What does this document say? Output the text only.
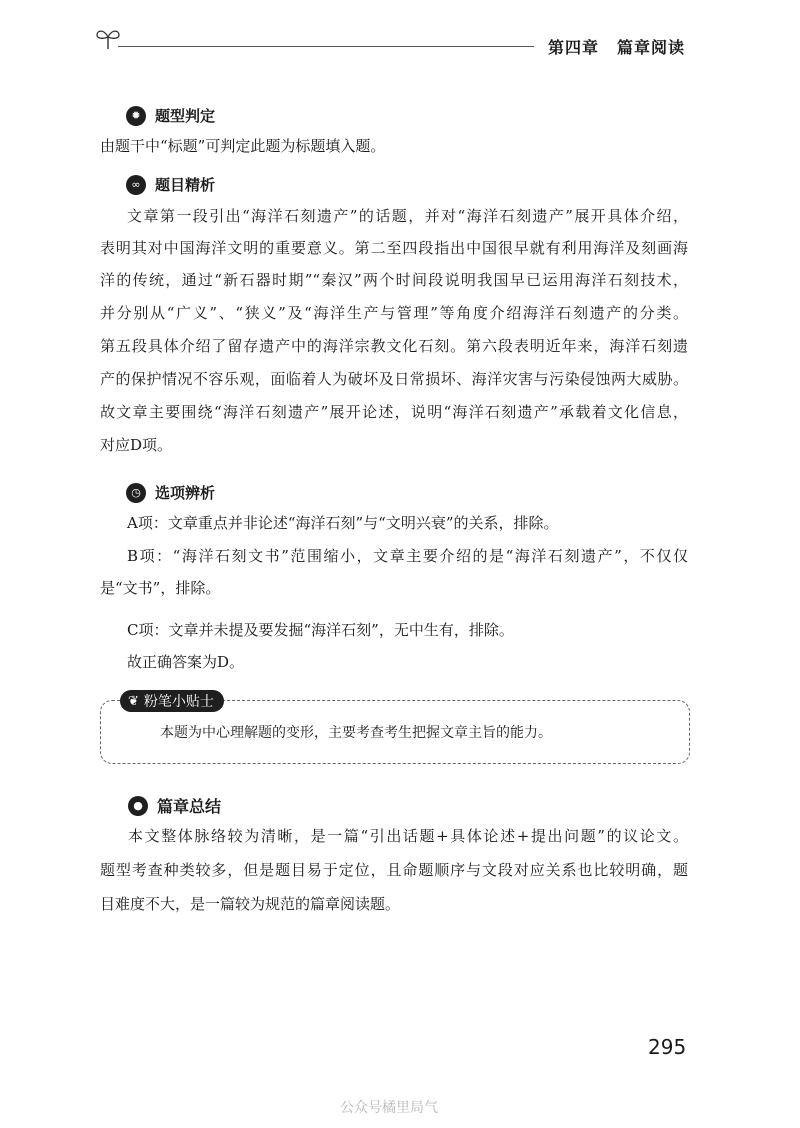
第四章 篇章阅读
✹ 题型判定
由题干中“标题”可判定此题为标题填入题。
∞ 题目精析
文章第一段引出“海洋石刻遗产”的话题，并对“海洋石刻遗产”展开具体介绍，
表明其对中国海洋文明的重要意义。第二至四段指出中国很早就有利用海洋及刻画海
洋的传统，通过“新石器时期”“秦汉”两个时间段说明我国早已运用海洋石刻技术，
并分别从“广义”、“狭义”及“海洋生产与管理”等角度介绍海洋石刻遗产的分类。
第五段具体介绍了留存遗产中的海洋宗教文化石刻。第六段表明近年来，海洋石刻遗
产的保护情况不容乐观，面临着人为破坏及日常损坏、海洋灾害与污染侵蚀两大威胁。
故文章主要围绕“海洋石刻遗产”展开论述，说明“海洋石刻遗产”承载着文化信息，
对应D项。
◷ 选项辨析
A项：文章重点并非论述“海洋石刻”与“文明兴衰”的关系，排除。
B项：“海洋石刻文书”范围缩小，文章主要介绍的是“海洋石刻遗产”，不仅仅
是“文书”，排除。
C项：文章并未提及要发掘“海洋石刻”，无中生有，排除。
故正确答案为D。
❦ 粉笔小贴士
本题为中心理解题的变形，主要考查考生把握文章主旨的能力。
● 篇章总结
本文整体脉络较为清晰，是一篇“引出话题+具体论述+提出问题”的议论文。
题型考查种类较多，但是题目易于定位，且命题顺序与文段对应关系也比较明确，题
目难度不大，是一篇较为规范的篇章阅读题。
295
公众号橘里局气
